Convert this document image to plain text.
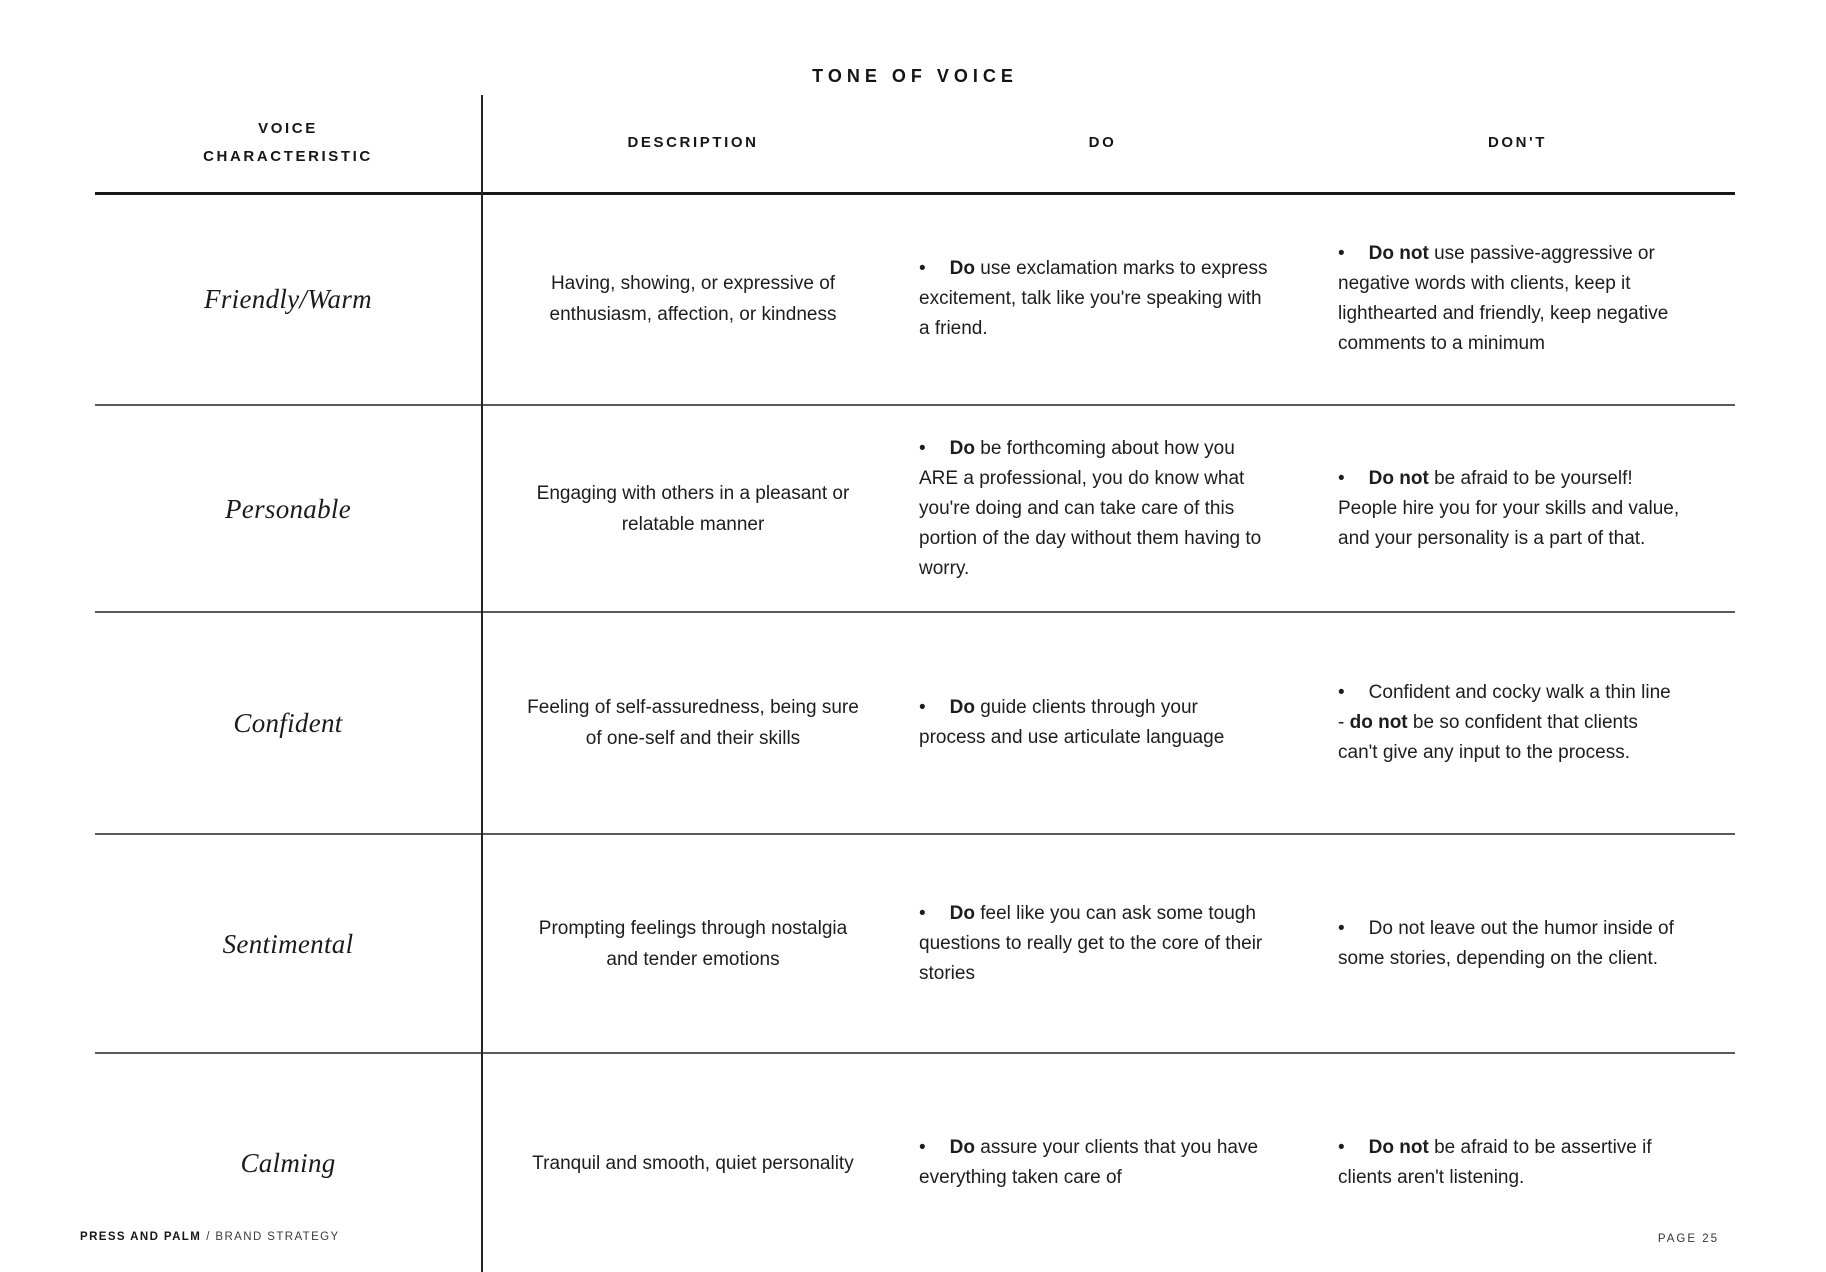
TONE OF VOICE
VOICE CHARACTERISTIC	DESCRIPTION	DO	DON'T

Friendly/Warm	Having, showing, or expressive of enthusiasm, affection, or kindness	• Do use exclamation marks to express excitement, talk like you're speaking with a friend.	• Do not use passive-aggressive or negative words with clients, keep it lighthearted and friendly, keep negative comments to a minimum

Personable	Engaging with others in a pleasant or relatable manner	• Do be forthcoming about how you ARE a professional, you do know what you're doing and can take care of this portion of the day without them having to worry.	• Do not be afraid to be yourself! People hire you for your skills and value, and your personality is a part of that.

Confident	Feeling of self-assuredness, being sure of one-self and their skills	• Do guide clients through your process and use articulate language	• Confident and cocky walk a thin line - do not be so confident that clients can't give any input to the process.

Sentimental	Prompting feelings through nostalgia and tender emotions	• Do feel like you can ask some tough questions to really get to the core of their stories	• Do not leave out the humor inside of some stories, depending on the client.

Calming	Tranquil and smooth, quiet personality	• Do assure your clients that you have everything taken care of	• Do not be afraid to be assertive if clients aren't listening.
PRESS AND PALM / BRAND STRATEGY	PAGE 25
